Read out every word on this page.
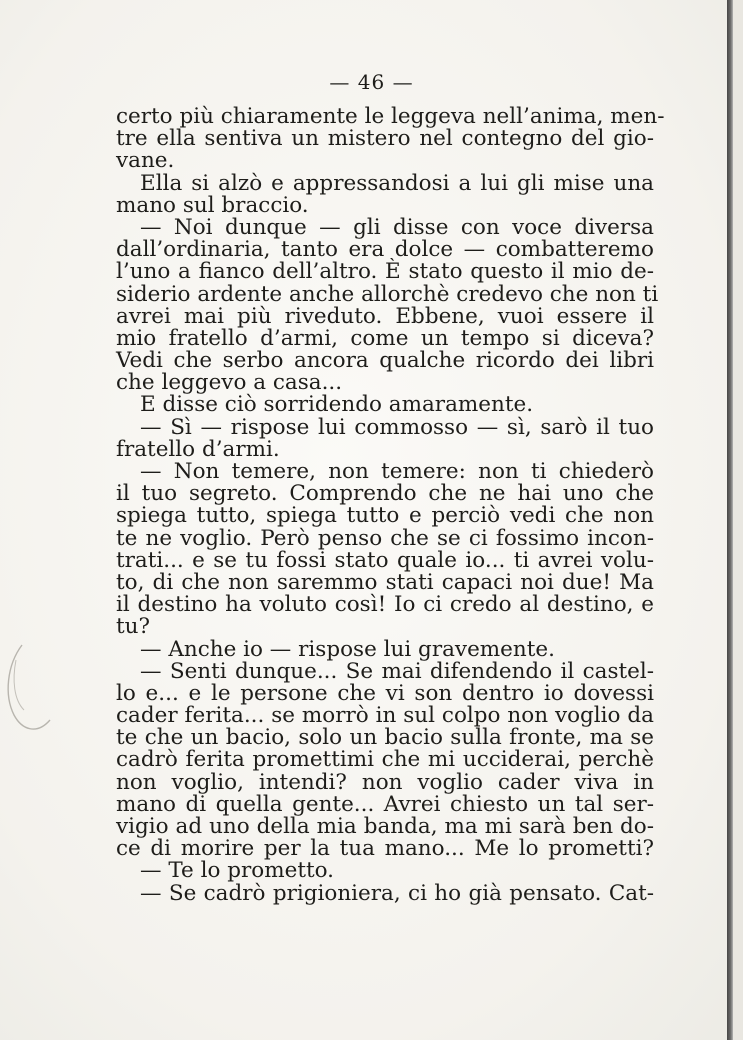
— 46 —
certo più chiaramente le leggeva nell’anima, men-
tre ella sentiva un mistero nel contegno del gio-
vane.
Ella si alzò e appressandosi a lui gli mise una
mano sul braccio.
— Noi dunque — gli disse con voce diversa
dall’ordinaria, tanto era dolce — combatteremo
l’uno a fianco dell’altro. È stato questo il mio de-
siderio ardente anche allorchè credevo che non ti
avrei mai più riveduto. Ebbene, vuoi essere il
mio fratello d’armi, come un tempo si diceva?
Vedi che serbo ancora qualche ricordo dei libri
che leggevo a casa...
E disse ciò sorridendo amaramente.
— Sì — rispose lui commosso — sì, sarò il tuo
fratello d’armi.
— Non temere, non temere: non ti chiederò
il tuo segreto. Comprendo che ne hai uno che
spiega tutto, spiega tutto e perciò vedi che non
te ne voglio. Però penso che se ci fossimo incon-
trati... e se tu fossi stato quale io... ti avrei volu-
to, di che non saremmo stati capaci noi due! Ma
il destino ha voluto così! Io ci credo al destino, e
tu?
— Anche io — rispose lui gravemente.
— Senti dunque... Se mai difendendo il castel-
lo e... e le persone che vi son dentro io dovessi
cader ferita... se morrò in sul colpo non voglio da
te che un bacio, solo un bacio sulla fronte, ma se
cadrò ferita promettimi che mi ucciderai, perchè
non voglio, intendi? non voglio cader viva in
mano di quella gente... Avrei chiesto un tal ser-
vigio ad uno della mia banda, ma mi sarà ben do-
ce di morire per la tua mano... Me lo prometti?
— Te lo prometto.
— Se cadrò prigioniera, ci ho già pensato. Cat-
